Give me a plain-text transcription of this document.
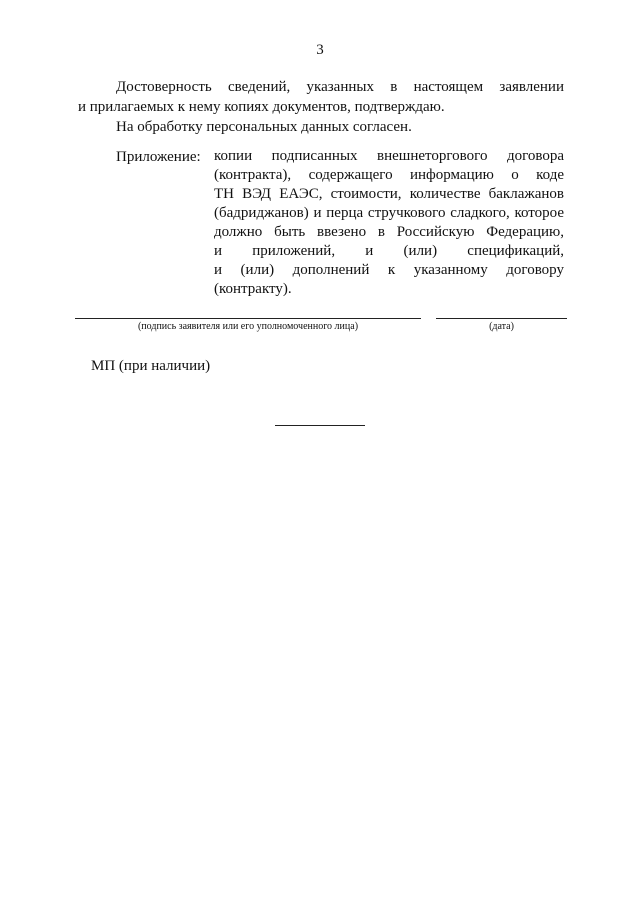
3
Достоверность сведений, указанных в настоящем заявлении
и прилагаемых к нему копиях документов, подтверждаю.
На обработку персональных данных согласен.
Приложение: копии подписанных внешнеторгового договора
(контракта), содержащего информацию о коде
ТН ВЭД ЕАЭС, стоимости, количестве баклажанов
(бадриджанов) и перца стручкового сладкого, которое
должно быть ввезено в Российскую Федерацию,
и приложений, и (или) спецификаций,
и (или) дополнений к указанному договору
(контракту).
(подпись заявителя или его уполномоченного лица)	(дата)
МП (при наличии)
